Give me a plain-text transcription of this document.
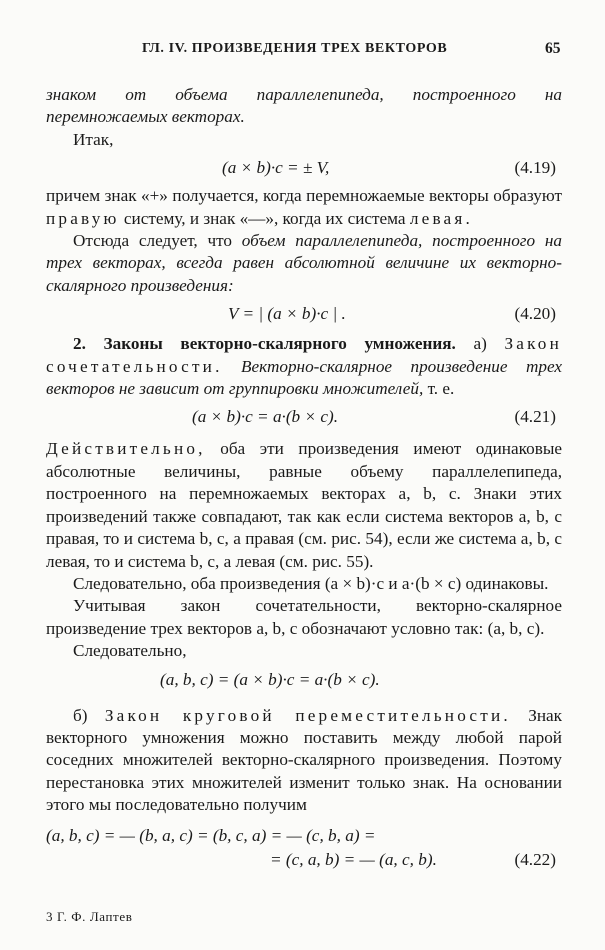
ГЛ. IV. ПРОИЗВЕДЕНИЯ ТРЕХ ВЕКТОРОВ	65

знаком от объема параллелепипеда, построенного на перемножаемых векторах.

Итак,

(a × b)·c = ± V,	(4.19)

причем знак «+» получается, когда перемножаемые векторы образуют правую систему, и знак «—», когда их система левая.

Отсюда следует, что объем параллелепипеда, построенного на трех векторах, всегда равен абсолютной величине их векторно-скалярного произведения:

V = | (a × b)·c | .	(4.20)

2. Законы векторно-скалярного умножения. а) Закон сочетательности. Векторно-скалярное произведение трех векторов не зависит от группировки множителей, т. е.

(a × b)·c = a·(b × c).	(4.21)

Действительно, оба эти произведения имеют одинаковые абсолютные величины, равные объему параллелепипеда, построенного на перемножаемых векторах a, b, c. Знаки этих произведений также совпадают, так как если система векторов a, b, c правая, то и система b, c, a правая (см. рис. 54), если же система a, b, c левая, то и система b, c, a левая (см. рис. 55).

Следовательно, оба произведения (a × b)·c и a·(b × c) одинаковы.

Учитывая закон сочетательности, векторно-скалярное произведение трех векторов a, b, c обозначают условно так: (a, b, c).

Следовательно,

(a, b, c) = (a × b)·c = a·(b × c).

б) Закон круговой переместительности. Знак векторного умножения можно поставить между любой парой соседних множителей векторно-скалярного произведения. Поэтому перестановка этих множителей изменит только знак. На основании этого мы последовательно получим

(a, b, c) = — (b, a, c) = (b, c, a) = — (c, b, a) =
= (c, a, b) = — (a, c, b).	(4.22)
3 Г. Ф. Лаптев
